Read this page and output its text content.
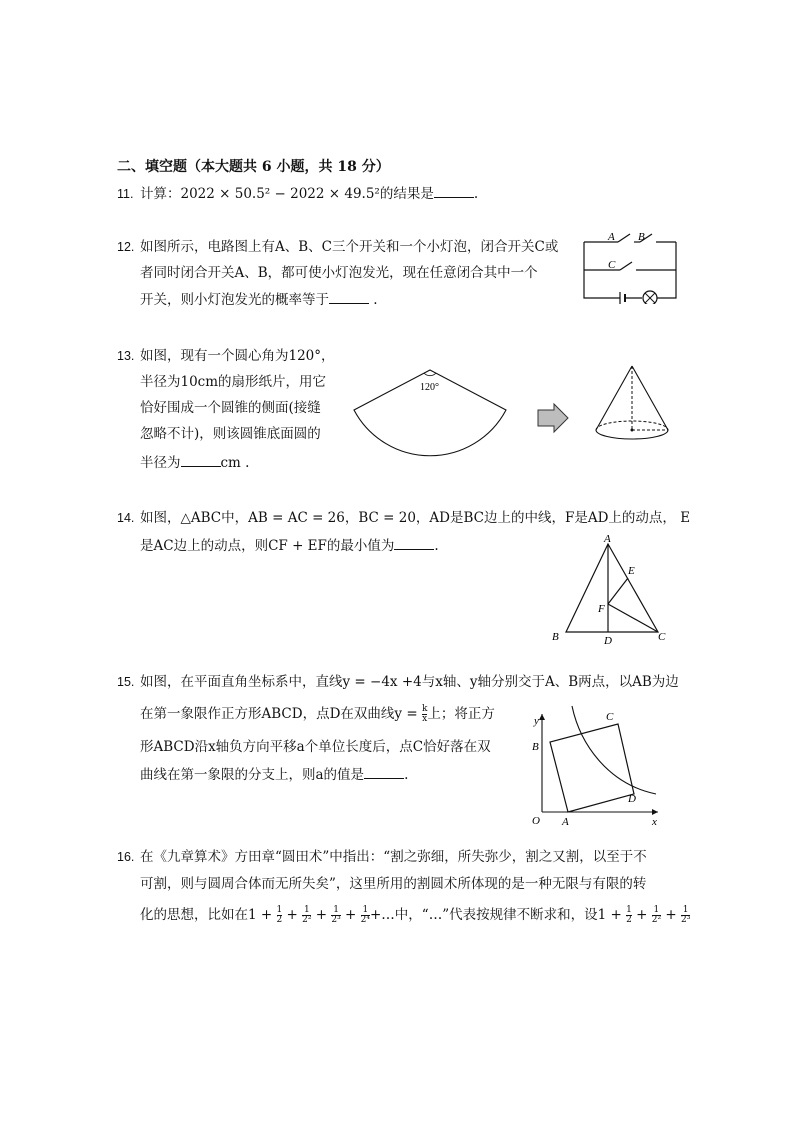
二、填空题（本大题共 6 小题，共 18 分）
11. 计算：2022 × 50.5² − 2022 × 49.5²的结果是	.
12. 如图所示，电路图上有A、B、C三个开关和一个小灯泡，闭合开关C或
者同时闭合开关A、B，都可使小灯泡发光，现在任意闭合其中一个
开关，则小灯泡发光的概率等于	.
A B
C
13. 如图，现有一个圆心角为120°，
半径为10cm的扇形纸片，用它
恰好围成一个圆锥的侧面(接缝
忽略不计)，则该圆锥底面圆的
半径为	cm .
120°
14. 如图，△ABC中，AB = AC = 26，BC = 20，AD是BC边上的中线，F是AD上的动点， E
是AC边上的动点，则CF + EF的最小值为	.	A
B	C
D
E
F
15. 如图，在平面直角坐标系中，直线y = −4x +4与x轴、y轴分别交于A、B两点，以AB为边
在第一象限作正方形ABCD，点D在双曲线$y = \frac{k}{x}$ 上；将正方
形ABCD沿x轴负方向平移a个单位长度后，点C恰好落在双
曲线在第一象限的分支上，则a的值是	.
y
x
O A
B
C
D
16. 在《九章算术》方田章“圆田术”中指出：“割之弥细，所失弥少，割之又割，以至于不
可割，则与圆周合体而无所失矣”，这里所用的割圆术所体现的是一种无限与有限的转
化的思想，比如在$1 + \frac{1}{2} + \frac{1}{\text{2²}} + \frac{1}{\text{2³}} + \frac{1}{\text{2⁴}}$ +…中，“…”代表按规律不断求和，设$1 + \frac{1}{2} + \frac{1}{\text{2²}} + \frac{1}{\text{2³}}$
